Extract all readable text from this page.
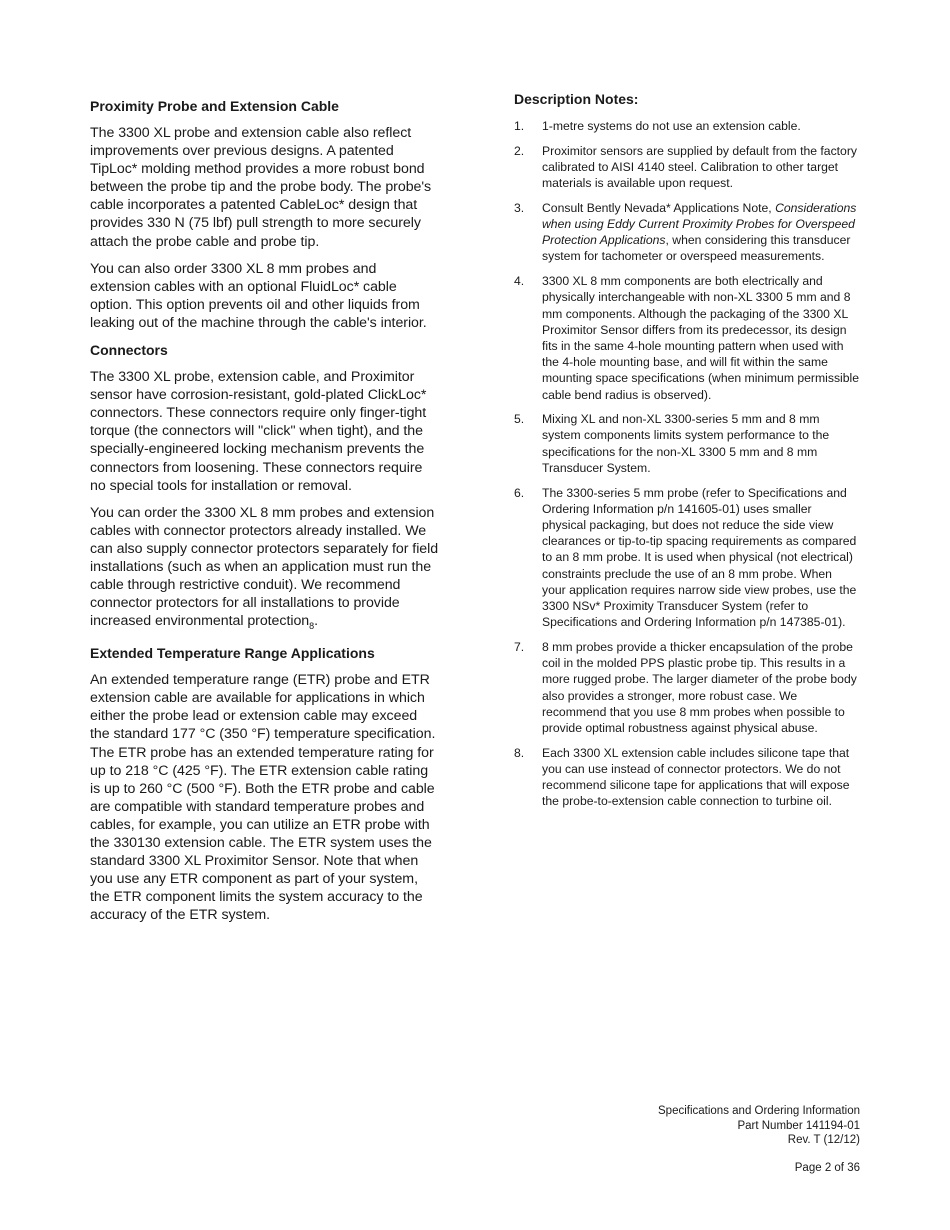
Proximity Probe and Extension Cable

The 3300 XL probe and extension cable also reflect improvements over previous designs. A patented TipLoc* molding method provides a more robust bond between the probe tip and the probe body. The probe's cable incorporates a patented CableLoc* design that provides 330 N (75 lbf) pull strength to more securely attach the probe cable and probe tip.

You can also order 3300 XL 8 mm probes and extension cables with an optional FluidLoc* cable option. This option prevents oil and other liquids from leaking out of the machine through the cable's interior.

Connectors

The 3300 XL probe, extension cable, and Proximitor sensor have corrosion-resistant, gold-plated ClickLoc* connectors. These connectors require only finger-tight torque (the connectors will "click" when tight), and the specially-engineered locking mechanism prevents the connectors from loosening. These connectors require no special tools for installation or removal.

You can order the 3300 XL 8 mm probes and extension cables with connector protectors already installed. We can also supply connector protectors separately for field installations (such as when an application must run the cable through restrictive conduit). We recommend connector protectors for all installations to provide increased environmental protection$_8$.

Extended Temperature Range Applications

An extended temperature range (ETR) probe and ETR extension cable are available for applications in which either the probe lead or extension cable may exceed the standard 177 °C (350 °F) temperature specification. The ETR probe has an extended temperature rating for up to 218 °C (425 °F). The ETR extension cable rating is up to 260 °C (500 °F). Both the ETR probe and cable are compatible with standard temperature probes and cables, for example, you can utilize an ETR probe with the 330130 extension cable. The ETR system uses the standard 3300 XL Proximitor Sensor. Note that when you use any ETR component as part of your system, the ETR component limits the system accuracy to the accuracy of the ETR system.

Description Notes:
1. 1-metre systems do not use an extension cable.
2. Proximitor sensors are supplied by default from the factory calibrated to AISI 4140 steel. Calibration to other target materials is available upon request.
3. Consult Bently Nevada* Applications Note, Considerations when using Eddy Current Proximity Probes for Overspeed Protection Applications, when considering this transducer system for tachometer or overspeed measurements.
4. 3300 XL 8 mm components are both electrically and physically interchangeable with non-XL 3300 5 mm and 8 mm components. Although the packaging of the 3300 XL Proximitor Sensor differs from its predecessor, its design fits in the same 4-hole mounting pattern when used with the 4-hole mounting base, and will fit within the same mounting space specifications (when minimum permissible cable bend radius is observed).
5. Mixing XL and non-XL 3300-series 5 mm and 8 mm system components limits system performance to the specifications for the non-XL 3300 5 mm and 8 mm Transducer System.
6. The 3300-series 5 mm probe (refer to Specifications and Ordering Information p/n 141605-01) uses smaller physical packaging, but does not reduce the side view clearances or tip-to-tip spacing requirements as compared to an 8 mm probe. It is used when physical (not electrical) constraints preclude the use of an 8 mm probe. When your application requires narrow side view probes, use the 3300 NSv* Proximity Transducer System (refer to Specifications and Ordering Information p/n 147385-01).
7. 8 mm probes provide a thicker encapsulation of the probe coil in the molded PPS plastic probe tip. This results in a more rugged probe. The larger diameter of the probe body also provides a stronger, more robust case. We recommend that you use 8 mm probes when possible to provide optimal robustness against physical abuse.
8. Each 3300 XL extension cable includes silicone tape that you can use instead of connector protectors. We do not recommend silicone tape for applications that will expose the probe-to-extension cable connection to turbine oil.
Specifications and Ordering Information
Part Number 141194-01
Rev. T (12/12)
Page 2 of 36
